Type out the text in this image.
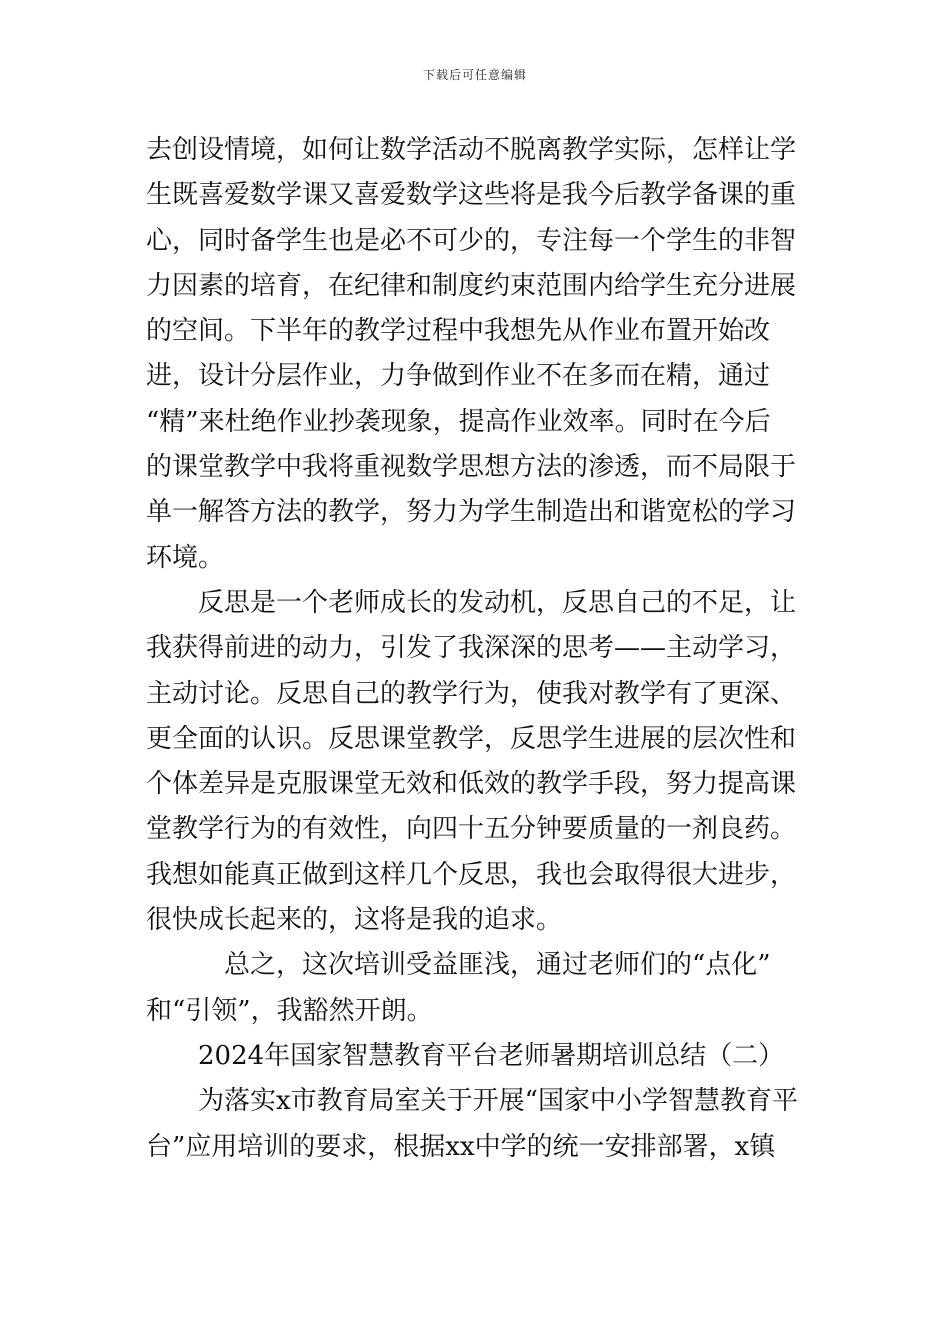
下载后可任意编辑
去创设情境，如何让数学活动不脱离教学实际，怎样让学
生既喜爱数学课又喜爱数学这些将是我今后教学备课的重
心，同时备学生也是必不可少的，专注每一个学生的非智
力因素的培育，在纪律和制度约束范围内给学生充分进展
的空间。下半年的教学过程中我想先从作业布置开始改
进，设计分层作业，力争做到作业不在多而在精，通过
“精”来杜绝作业抄袭现象，提高作业效率。同时在今后
的课堂教学中我将重视数学思想方法的渗透，而不局限于
单一解答方法的教学，努力为学生制造出和谐宽松的学习
环境。
反思是一个老师成长的发动机，反思自己的不足，让
我获得前进的动力，引发了我深深的思考——主动学习，
主动讨论。反思自己的教学行为，使我对教学有了更深、
更全面的认识。反思课堂教学，反思学生进展的层次性和
个体差异是克服课堂无效和低效的教学手段，努力提高课
堂教学行为的有效性，向四十五分钟要质量的一剂良药。
我想如能真正做到这样几个反思，我也会取得很大进步，
很快成长起来的，这将是我的追求。
总之，这次培训受益匪浅，通过老师们的“点化”
和“引领”，我豁然开朗。
2024年国家智慧教育平台老师暑期培训总结（二）
为落实x市教育局室关于开展“国家中小学智慧教育平
台”应用培训的要求，根据xx中学的统一安排部署，x镇
